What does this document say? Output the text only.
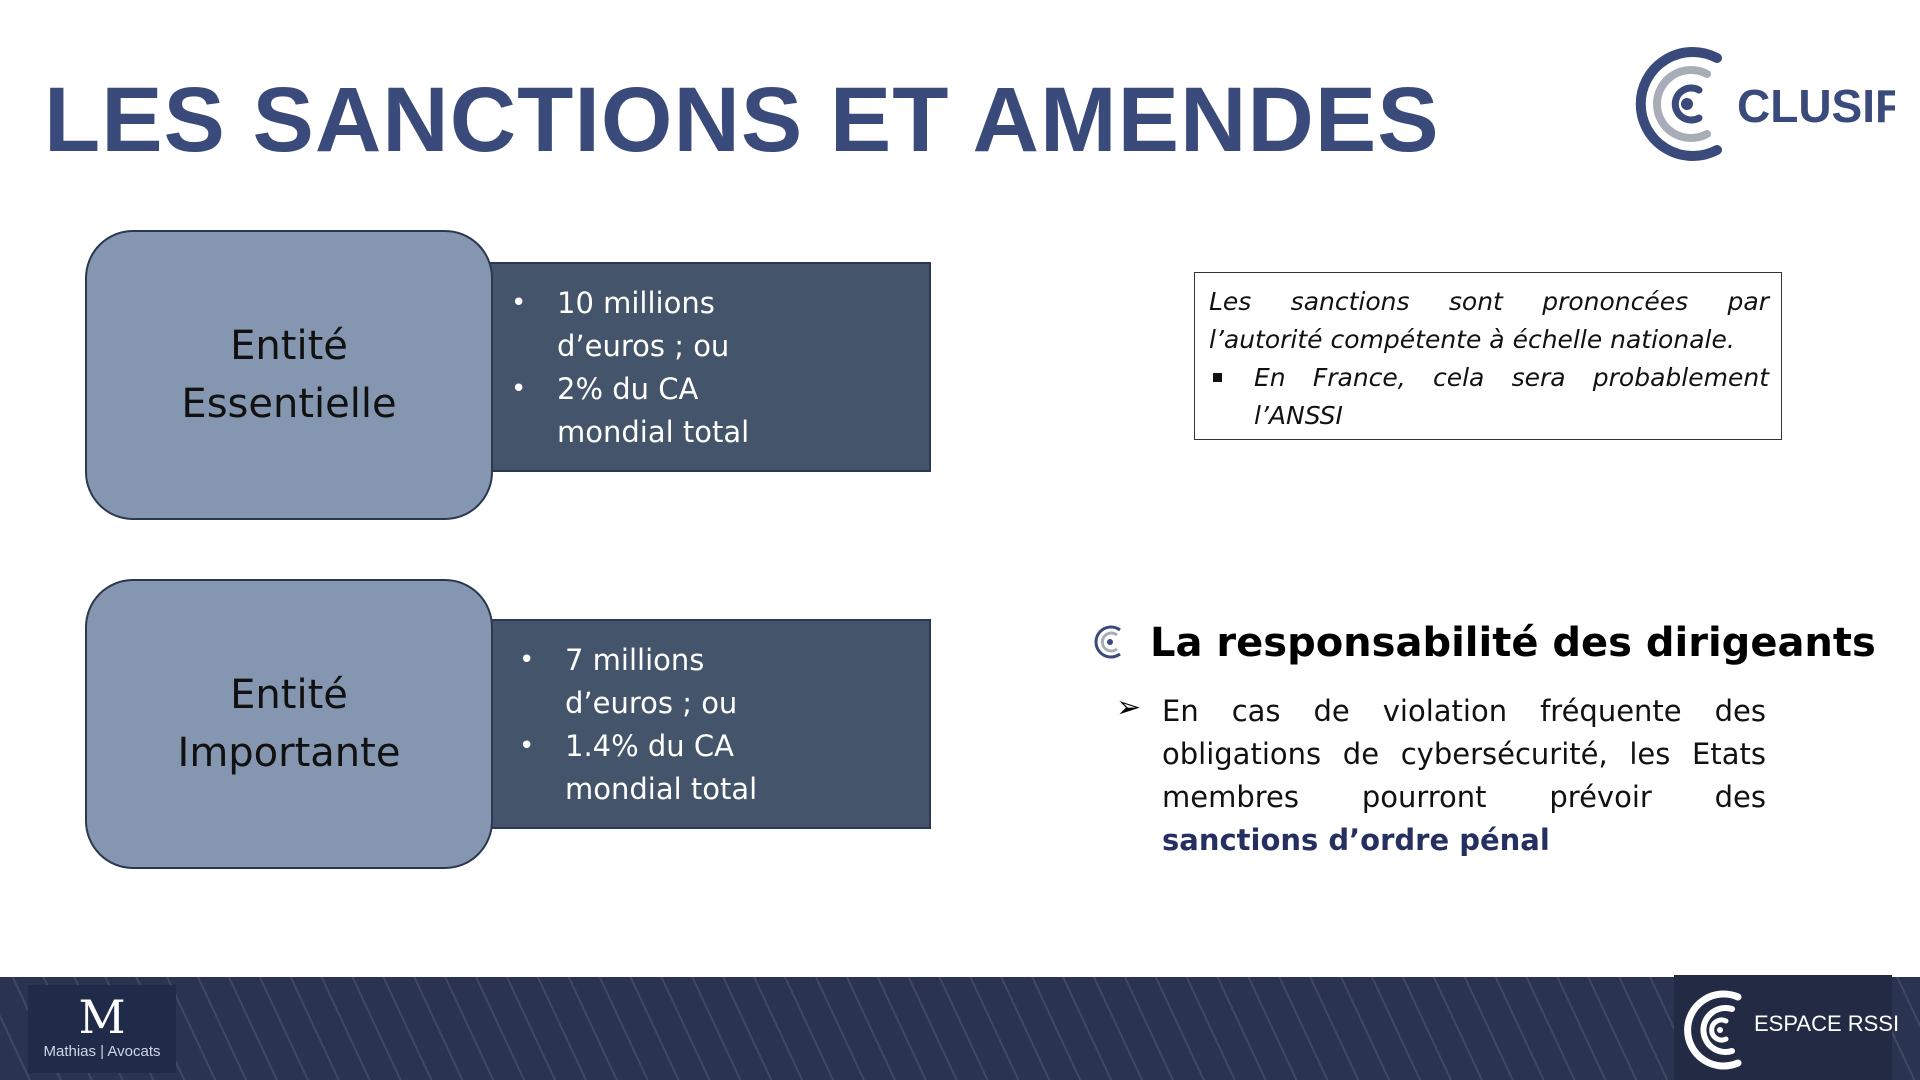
LES SANCTIONS ET AMENDES	CLUSIF
Entité Essentielle
• 10 millions
d’euros ; ou
• 2% du CA
mondial total
Entité Importante
• 7 millions
d’euros ; ou
• 1.4% du CA
mondial total

Les sanctions sont prononcées par

l’autorité compétente à échelle nationale.

En France, cela sera probablement l’ANSSI

La responsabilité des dirigeants
➢ En cas de violation fréquente des obligations de cybersécurité, les Etats membres pourront prévoir des sanctions d’ordre pénal

M
Mathias | Avocats
ESPACE RSSI
